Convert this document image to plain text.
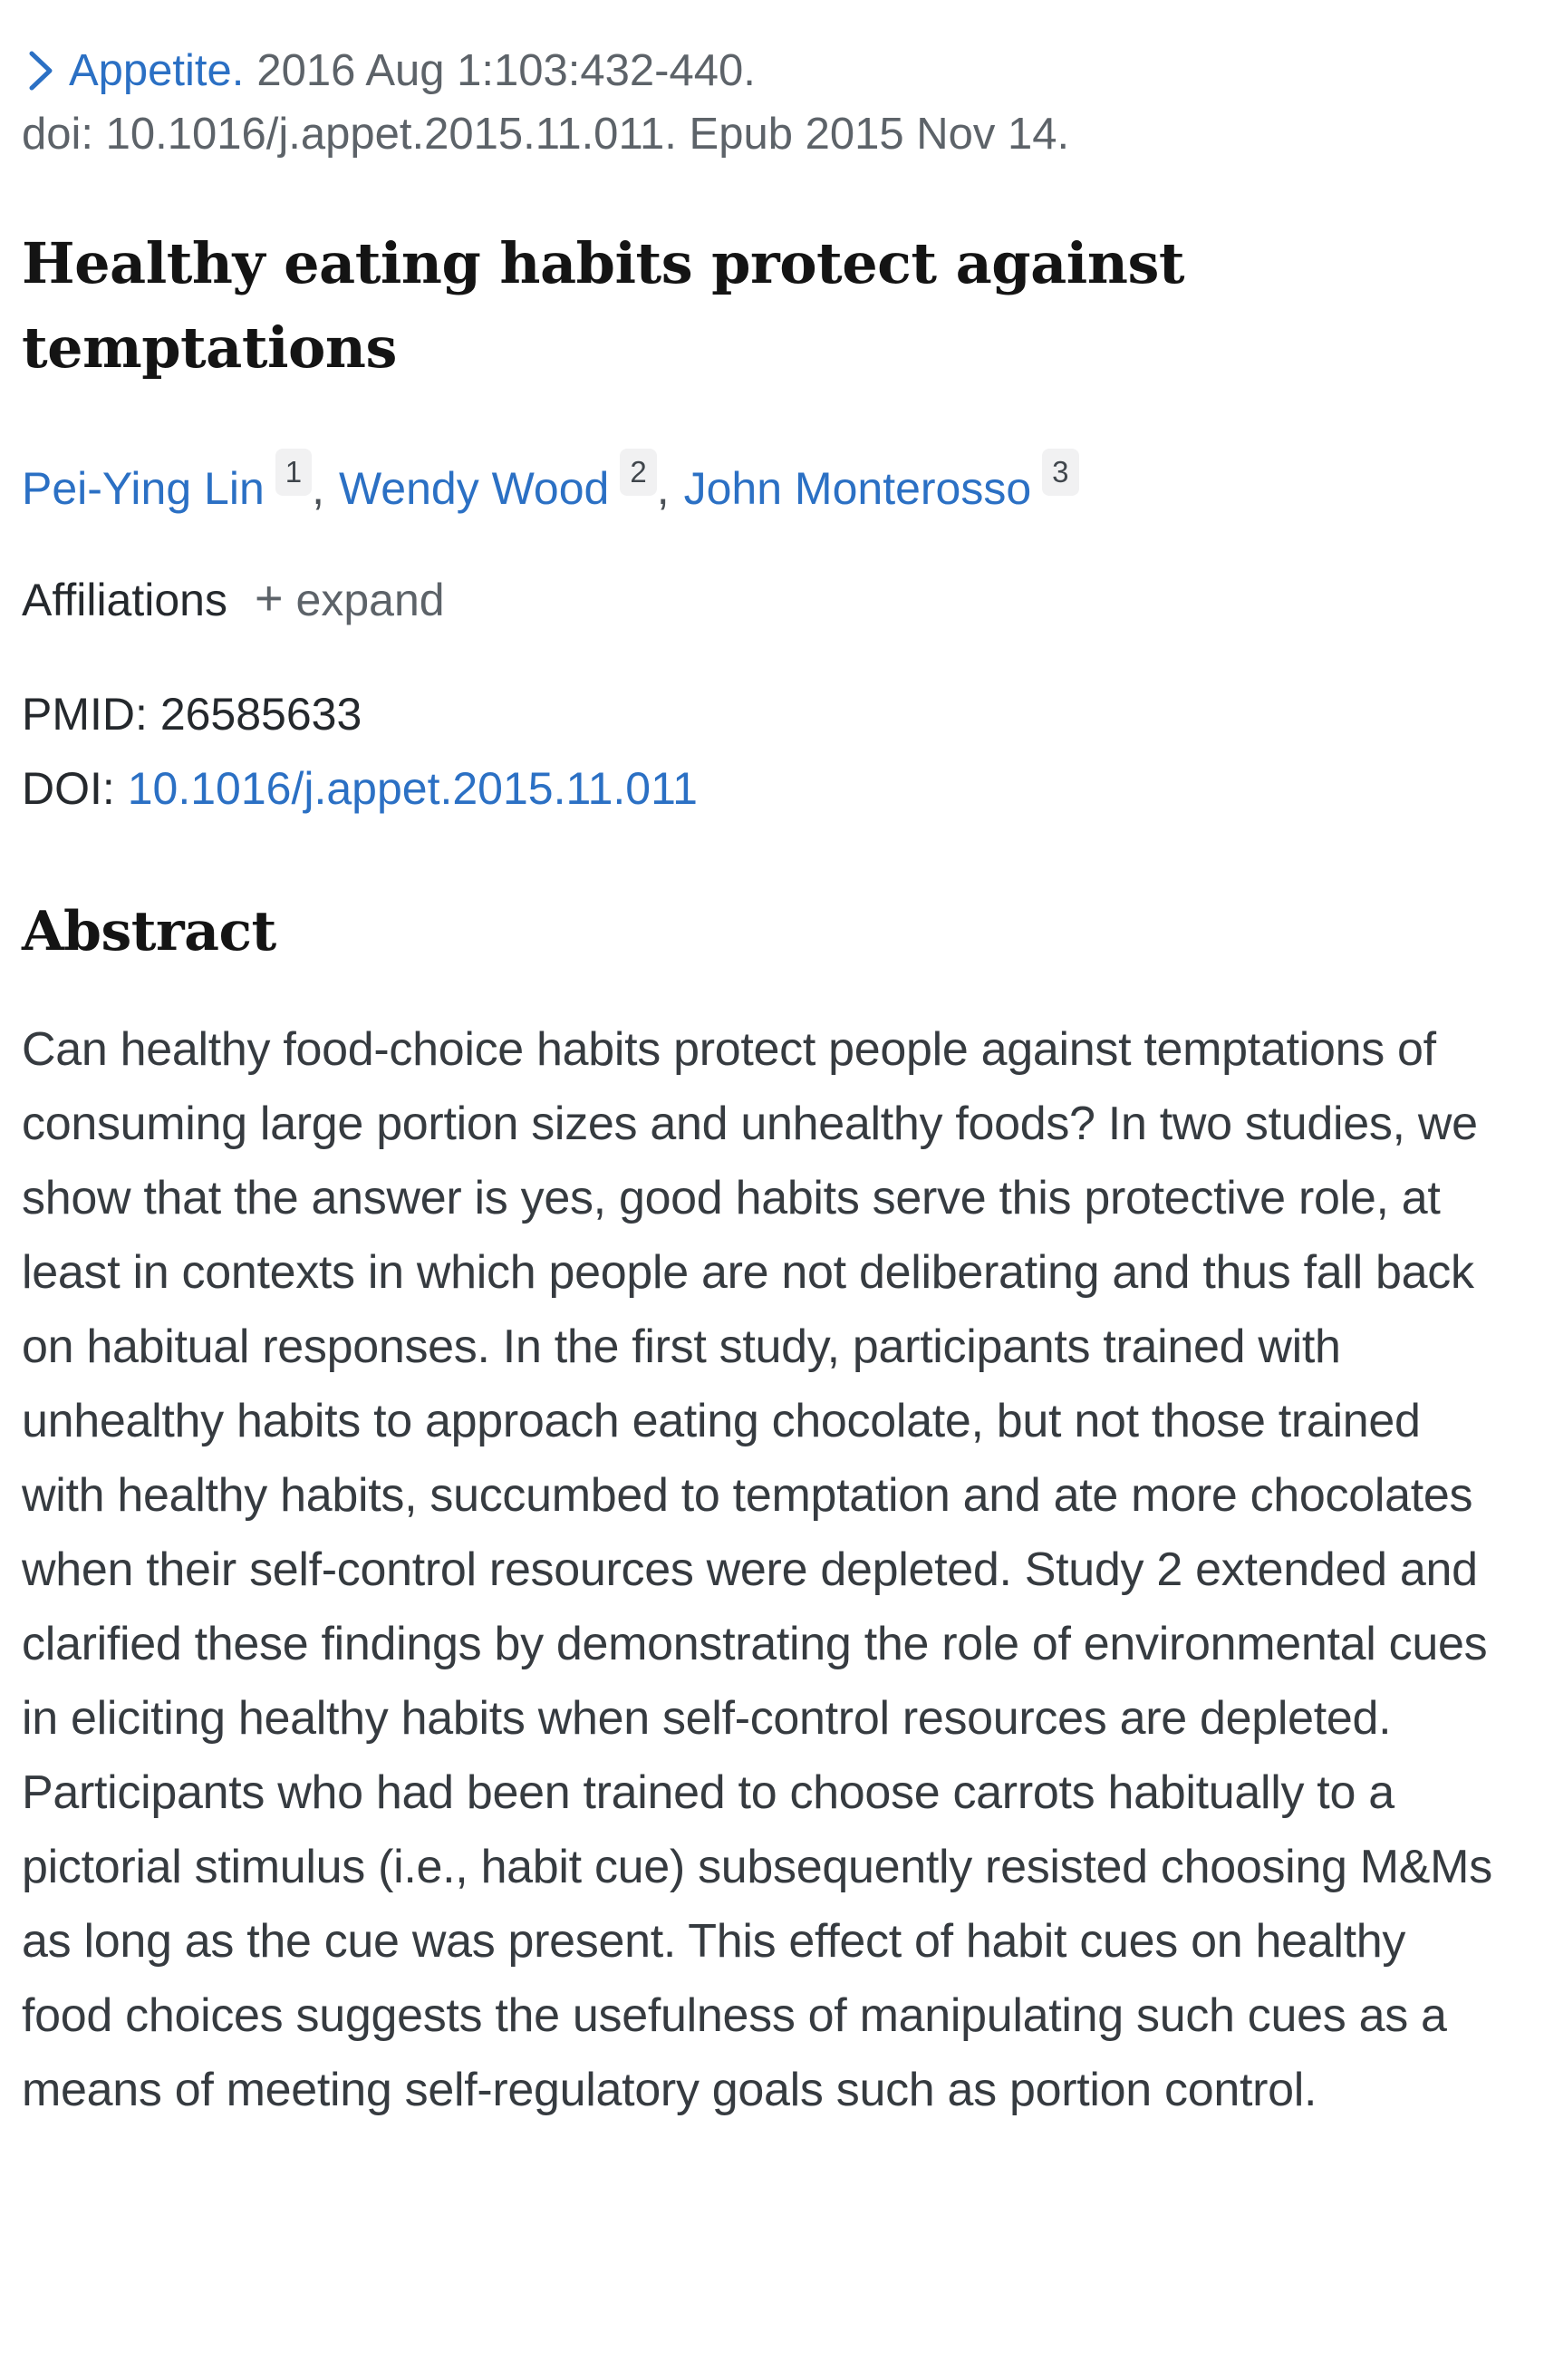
Appetite. 2016 Aug 1:103:432-440.
doi: 10.1016/j.appet.2015.11.011. Epub 2015 Nov 14.
Healthy eating habits protect against temptations
Pei-Ying Lin 1 , Wendy Wood 2 , John Monterosso 3
Affiliations + expand
PMID: 26585633
DOI: 10.1016/j.appet.2015.11.011
Abstract

Can healthy food-choice habits protect people against temptations of consuming large portion sizes and unhealthy foods? In two studies, we show that the answer is yes, good habits serve this protective role, at least in contexts in which people are not deliberating and thus fall back on habitual responses. In the first study, participants trained with unhealthy habits to approach eating chocolate, but not those trained with healthy habits, succumbed to temptation and ate more chocolates when their self-control resources were depleted. Study 2 extended and clarified these findings by demonstrating the role of environmental cues in eliciting healthy habits when self-control resources are depleted. Participants who had been trained to choose carrots habitually to a pictorial stimulus (i.e., habit cue) subsequently resisted choosing M&Ms as long as the cue was present. This effect of habit cues on healthy food choices suggests the usefulness of manipulating such cues as a means of meeting self-regulatory goals such as portion control.
